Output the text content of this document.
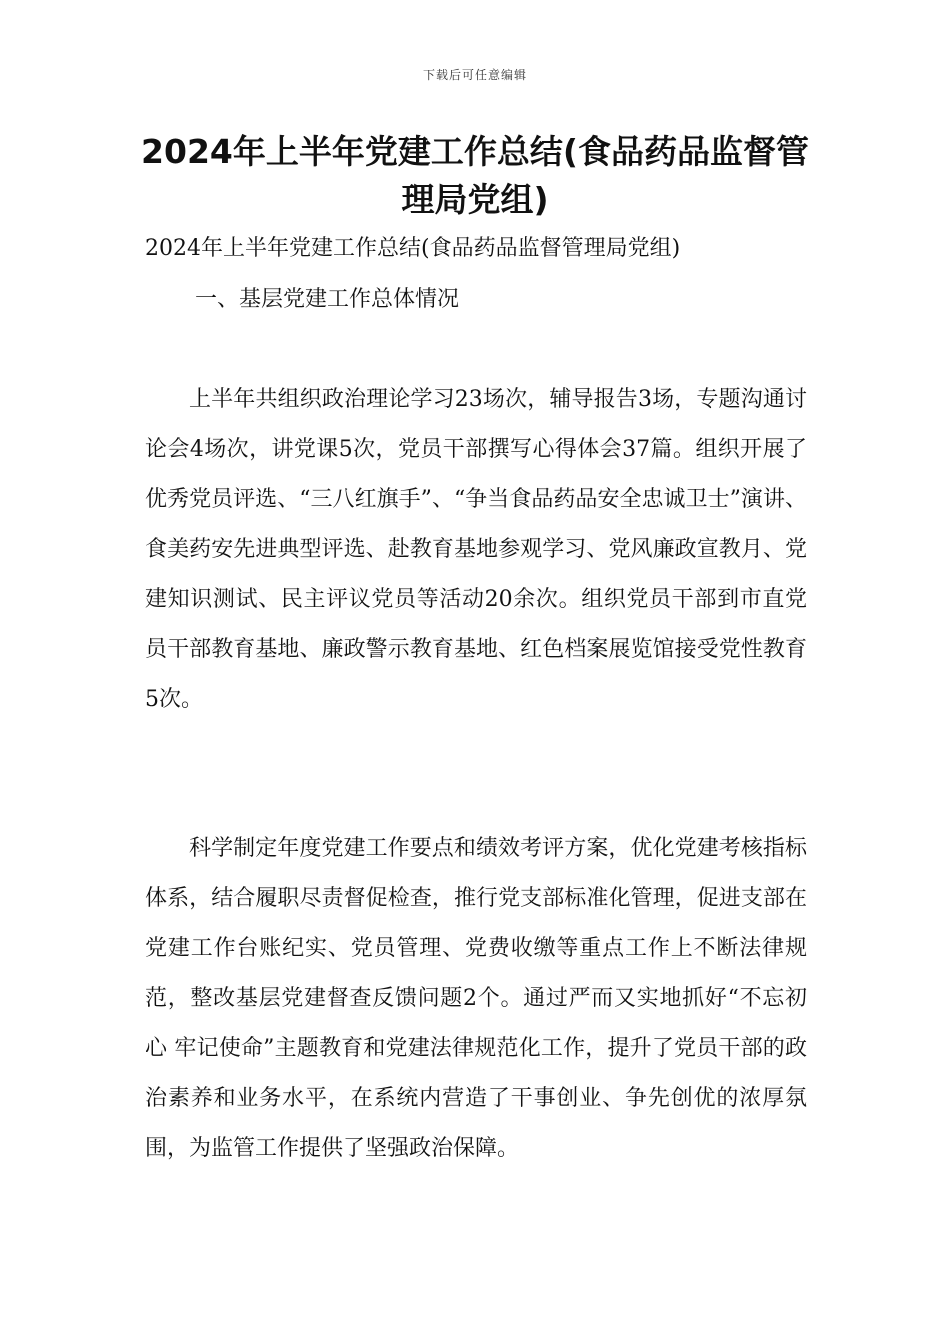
下载后可任意编辑
2024年上半年党建工作总结(食品药品监督管理局党组)
2024年上半年党建工作总结(食品药品监督管理局党组)
一、基层党建工作总体情况

上半年共组织政治理论学习23场次，辅导报告3场，专题沟通讨论会4场次，讲党课5次，党员干部撰写心得体会37篇。组织开展了优秀党员评选、“三八红旗手”、“争当食品药品安全忠诚卫士”演讲、食美药安先进典型评选、赴教育基地参观学习、党风廉政宣教月、党建知识测试、民主评议党员等活动20余次。组织党员干部到市直党员干部教育基地、廉政警示教育基地、红色档案展览馆接受党性教育5次。

科学制定年度党建工作要点和绩效考评方案，优化党建考核指标体系，结合履职尽责督促检查，推行党支部标准化管理，促进支部在党建工作台账纪实、党员管理、党费收缴等重点工作上不断法律规范，整改基层党建督查反馈问题2个。通过严而又实地抓好“不忘初心 牢记使命”主题教育和党建法律规范化工作，提升了党员干部的政治素养和业务水平，在系统内营造了干事创业、争先创优的浓厚氛围，为监管工作提供了坚强政治保障。
